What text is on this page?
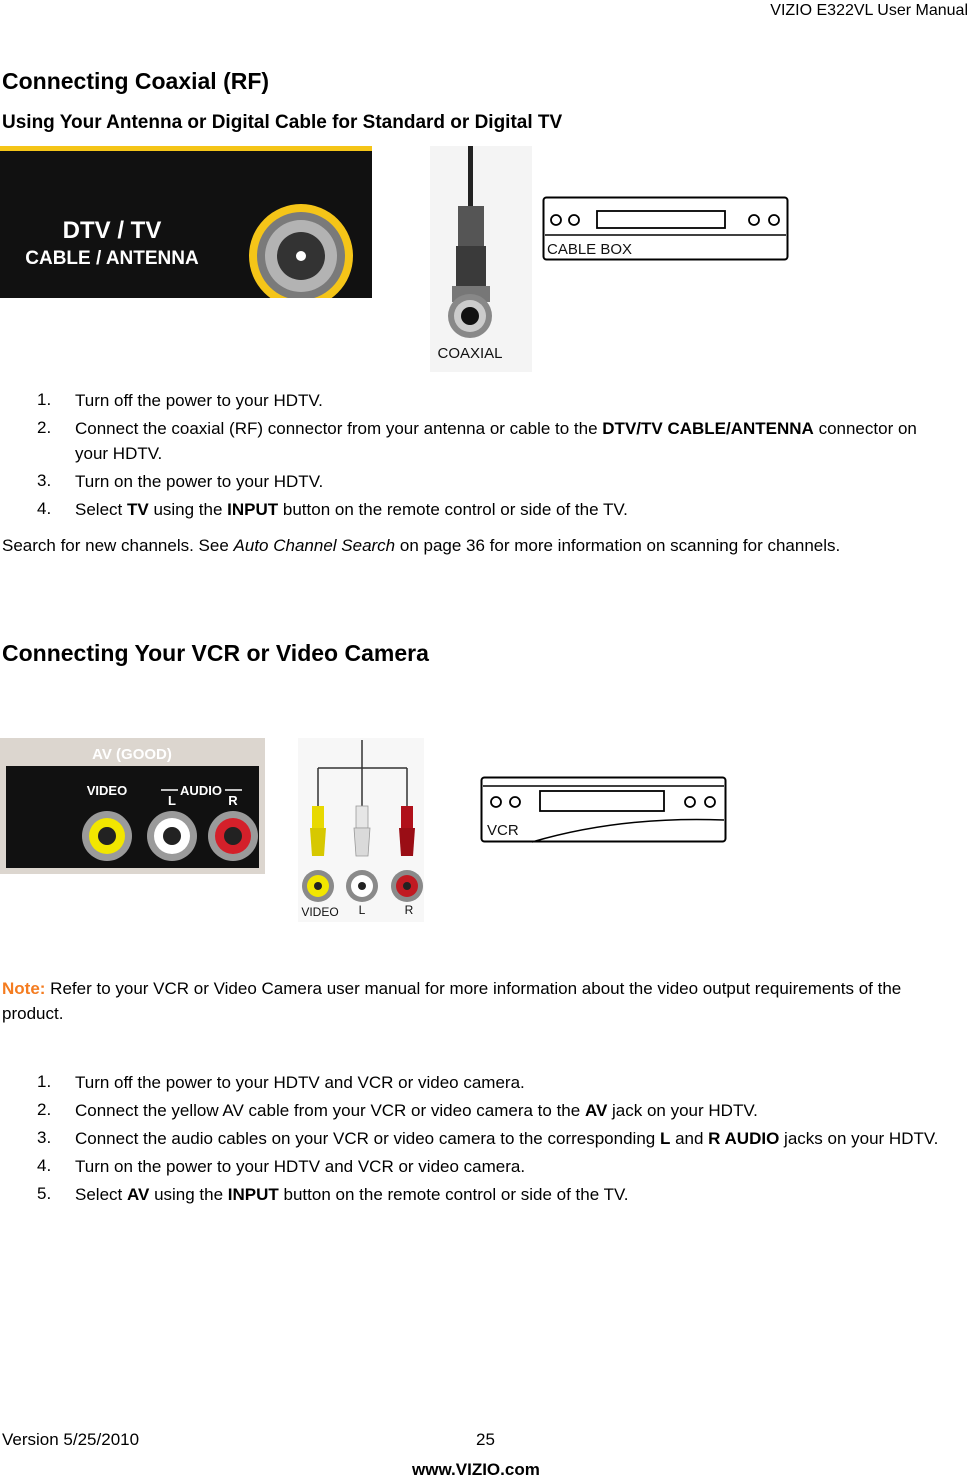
VIZIO E322VL User Manual
Connecting Coaxial (RF)
Using Your Antenna or Digital Cable for Standard or Digital TV
DTV / TV
CABLE / ANTENNA
COAXIAL
CABLE BOX
1. Turn off the power to your HDTV.
2. Connect the coaxial (RF) connector from your antenna or cable to the DTV/TV CABLE/ANTENNA connector on your HDTV.
3. Turn on the power to your HDTV.
4. Select TV using the INPUT button on the remote control or side of the TV.

Search for new channels. See Auto Channel Search on page 36 for more information on scanning for channels.

Connecting Your VCR or Video Camera
AV (GOOD)
VIDEO	AUDIO
L	R
VIDEO L	R
VCR

Note: Refer to your VCR or Video Camera user manual for more information about the video output requirements of the product.

1. Turn off the power to your HDTV and VCR or video camera.
2. Connect the yellow AV cable from your VCR or video camera to the AV jack on your HDTV.
3. Connect the audio cables on your VCR or video camera to the corresponding L and R AUDIO jacks on your HDTV.
4. Turn on the power to your HDTV and VCR or video camera.
5. Select AV using the INPUT button on the remote control or side of the TV.
Version 5/25/2010	25
www.VIZIO.com
